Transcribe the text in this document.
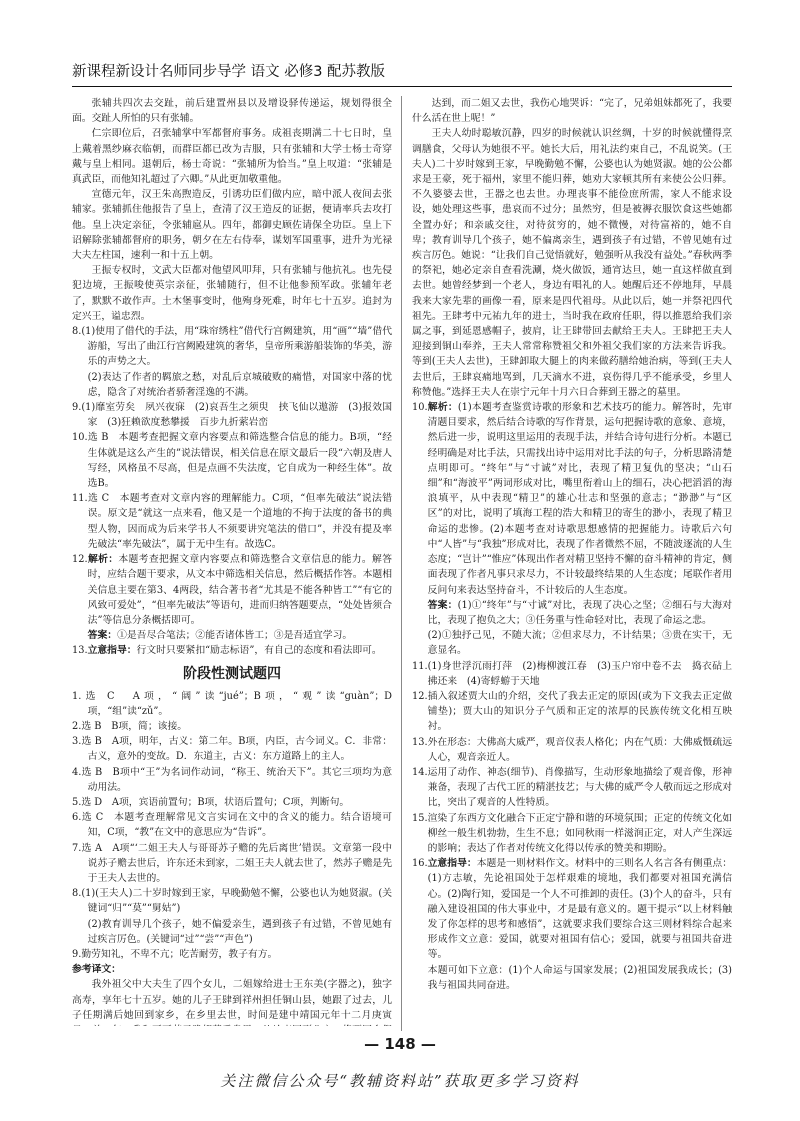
新课程新设计名师同步导学 语文 必修3 配苏教版

张辅共四次去交趾，前后建置州县以及增设驿传递运，规划得很全面。交趾人所怕的只有张辅。

仁宗即位后，召张辅掌中军都督府事务。成祖丧期满二十七日时，皇上戴着黑纱麻衣临朝，而群臣都已改为吉服，只有张辅和大学士杨士奇穿戴与皇上相同。退朝后，杨士奇说：“张辅所为恰当。”皇上叹道：“张辅是真武臣，而他知礼超过了六卿。”从此更加敬重他。

宣德元年，汉王朱高煦造反，引诱功臣们做内应，暗中派人夜间去张辅家。张辅抓住他报告了皇上，查清了汉王造反的证据，便请率兵去攻打他。皇上决定亲征，令张辅扈从。四年，都御史顾佐请保全功臣。皇上下诏解除张辅都督府的职务，朝夕在左右侍奉，谋划军国重事，进升为光禄大夫左柱国，速利一和十五上朝。

王振专权时，文武大臣都对他望风叩拜，只有张辅与他抗礼。也先侵犯边境，王振唆使英宗亲征，张辅随行，但不让他参预军政。张辅年老了，默默不敢作声。土木堡事变时，他殉身死难，时年七十五岁。追封为定兴王，谥忠烈。

8.(1)使用了借代的手法，用“珠帘绣柱”借代行宫阙建筑，用“画”“墙”借代游船，写出了曲江行宫阙殿建筑的奢华，皇帝所乘游船装饰的华美，游乐的声势之大。

(2)表达了作者的羁旅之愁，对乱后京城破败的痛惜，对国家中落的忧虑，隐含了对统治者骄奢淫逸的不满。

9.(1)靡室劳矣　夙兴夜寐　(2)哀吾生之须臾　挟飞仙以遨游　(3)报效国家　(3)狂赖欲度愁攀援　百步九折萦岩峦

10.选 B　本题考查把握文章内容要点和筛选整合信息的能力。B项，“经生体就是这么产生的”说法错误，相关信息在原文最后一段“六朝及唐人写经，风格虽不尽高，但是点画不失法度，它自成为一种经生体”。故选B。

11.选 C　本题考查对文章内容的理解能力。C项，“但率先破法”说法错误。原文是“就这一点来看，他又是一个道地的不拘于法度的备书的典型人物，因而成为后来学书人不须要讲究笔法的借口”，并没有提及率先破法“率先破法”，属于无中生有。故选C。

12.解析：本题考查把握文章内容要点和筛选整合文章信息的能力。解答时，应结合题干要求，从文本中筛选相关信息，然后概括作答。本题相关信息主要在第3、4两段，结合著书者“尤其是不能各种皆工”“有它的风致可爱处”，“但率先破法”等语句，进而归纳答题要点，“处处皆须合法”等信息分条概括即可。

答案：①是吾尽合笔法；②能否诸体皆工；③是吾适宜学习。

13.立意指导：行文时只要紧扣“励志标语”，有自己的态度和看法即可。

阶段性测试题四

1.选 C　A项，“阔”读“jué”；B项，“观”读“guàn”；D项，“组”读“zǔ”。

2.选 B　B项，简；该接。

3.选 B　A项，明年，古义：第二年。B项，内臣，古今词义。C．非常：古义，意外的变故。D．东道主，古义：东方道路上的主人。

4.选 B　B项中“王”为名词作动词，“称王、统治天下”。其它三项均为意动用法。

5.选 D　A项，宾语前置句；B项，状语后置句；C项，判断句。

6.选 C　本题考查理解常见文言实词在文中的含义的能力。结合语境可知，C项，“教”在文中的意思应为“告诉”。

7.选 A　A项“‘二姐王夫人与哥哥苏子赡的先后离世’错误。文章第一段中说苏子赡去世后，许东还未到家，二姐王夫人就去世了，然苏子赡是先于王夫人去世的。

8.(1)(王夫人)二十岁时嫁到王家，早晚勤勉不懈，公婆也认为她贤淑。(关键词“归”“莫”“舅姑”)

(2)教育训导几个孩子，她不偏爱亲生，遇到孩子有过错，不曾见她有过疾言厉色。(关键词“过”“尝”“声色”)

9.勤劳知礼，不卑不亢；吃苦耐劳，教子有方。

参考译文：

我外祖父中大夫生了四个女儿，二姐嫁给进士王东美(字器之)，独字高寿，享年七十五岁。她的儿子王肆到祥州担任铜山县，她跟了过去，儿子任期满后她回到家乡，在乡里去世，时间是建中靖国元年十二月庚寅

达到，而二姐又去世，我伤心地哭诉：“完了，兄弟姐妹都死了，我要什么活在世上呢！”

王夫人幼时聪敏沉静，四岁的时候就认识丝绸，十岁的时候就懂得烹调膳食，父母认为她很不平。她长大后，用礼法约束自己，不乱说笑。(王夫人)二十岁时嫁到王家，早晚勤勉不懈，公婆也认为她贤淑。她的公公都求是王豪，死于福州，家里不能归葬，她劝大家顿其所有来使公公归葬。不久婆婆去世，王器之也去世。办理丧事不能俭庶所需，家人不能求设设，她处理这些事，患哀而不过分；虽然穷，但是被褥衣服饮食这些她都全置办好；和亲戚交往，对待贫穷的，她不微慢，对待富裕的，她不自卑；教育训导几个孩子，她不偏离亲生，遇到孩子有过错，不曾见她有过疾言厉色。她说：“让我们自己觉悟就好，勉强听从我没有益处。”春秋两季的祭祀，她必定亲自查看洗涮，烧火做饭，通宵达旦，她一直这样做直到去世。她曾经梦到一个老人，身边有唱礼的人。她醒后还不停地拜，早晨我来大家先辈的画像一看，原来是四代祖母。从此以后，她一并祭祀四代祖先。王肆考中元祐九年的进士，当时我在政府任职，得以推恩给我们亲属之事，到延恩感帽子，披肩，让王肆带回去献给王夫人。王肆把王夫人迎接到铜山奉养，王夫人常常称赞祖父和外祖父我们家的方法来告诉我。等到(王夫人去世)，王肆卸取大腿上的肉来做药膳给她治病，等到(王夫人去世后，王肆哀痛地骂到，几天滴水不进，哀伤得几乎不能承受，乡里人称赞他。”选择王夫人在崇宁元年十月六日合葬到王器之的墓里。

10.解析：(1)本题考查鉴赏诗歌的形象和艺术技巧的能力。解答时，先审清题目要求，然后结合诗歌的写作背景，运句把握诗歌的意象、意境，然后进一步，说明这里运用的表现手法，并结合诗句进行分析。本题已经明确是对比手法，只需找出诗中运用对比手法的句子，分析思路清楚点明即可。“终年”与“寸诚”对比，表现了精卫复仇的坚决；“山石细”和“海波平”两词形成对比，嘴里衔着山上的细石，决心把滔滔的海浪填平，从中表现“精卫”的雄心壮志和坚强的意志；“渺渺”与“区区”的对比，说明了填海工程的浩大和精卫的寄生的渺小，表现了精卫命运的悲惨。(2)本题考查对诗歌思想感情的把握能力。诗歌后六句中“人皆”与“我独”形成对比，表现了作者微然不屈，不随波逐流的人生态度；“岂计”“惟应”体现出作者对精卫坚持不懈的奋斗精神的肯定，侧面表现了作者凡事只求尽力，不计较最终结果的人生态度；尾联作者用反问句来表达坚持奋斗，不计较后的人生态度。

答案：(1)①“终年”与“寸诚”对比，表现了决心之坚；②细石与大海对比，表现了抱负之大；③任务重与性命轻对比，表现了命运之悲。

(2)①独抒己见，不随大流；②但求尽力，不计结果；③贵在实干，无意显名。

11.(1)身世浮沉雨打萍　(2)梅柳渡江春　(3)玉户帘中卷不去　捣衣砧上拂还来　(4)寄蜉蝣于天地

12.插入叙述贾大山的介绍，交代了我去正定的原因(或为下文我去正定做铺垫)；贾大山的知识分子气质和正定的浓厚的民族传统文化相互映衬。

13.外在形态：大佛高大威严，观音仪表人格化；内在气质：大佛威慑疏远人心，观音亲近人。

14.运用了动作、神态(细节)、肖像描写，生动形象地描绘了观音像，形神兼备，表现了古代工匠的精湛技艺；与大佛的威严令人敬而远之形成对比，突出了观音的人性特质。

15.渲染了东西方文化融合下正定宁静和谐的环境氛围；正定的传统文化如柳丝一般生机勃勃，生生不息；如同秋雨一样滋润正定，对人产生深远的影响；表达了作者对传统文化得以传承的赞美和期盼。

16.立意指导：本题是一则材料作文。材料中的三则名人名言各有侧重点：(1)方志敏，先论祖国处于怎样艰难的境地，我们都要对祖国充满信心。(2)陶行知，爱国是一个人不可推卸的责任。(3)个人的奋斗，只有融入建设祖国的伟大事业中，才是最有意义的。题干提示“以上材料触发了你怎样的思考和感悟”，这就要求我们要综合这三则材料综合起来形成作文立意：爱国，就要对祖国有信心；爱国，就要与祖国共奋进等。

本题可如下立意：(1)个人命运与国家发展；(2)祖国发展我成长；(3)我与祖国共同奋进。

— 148 —
关注微信公众号“教辅资料站”获取更多学习资料
